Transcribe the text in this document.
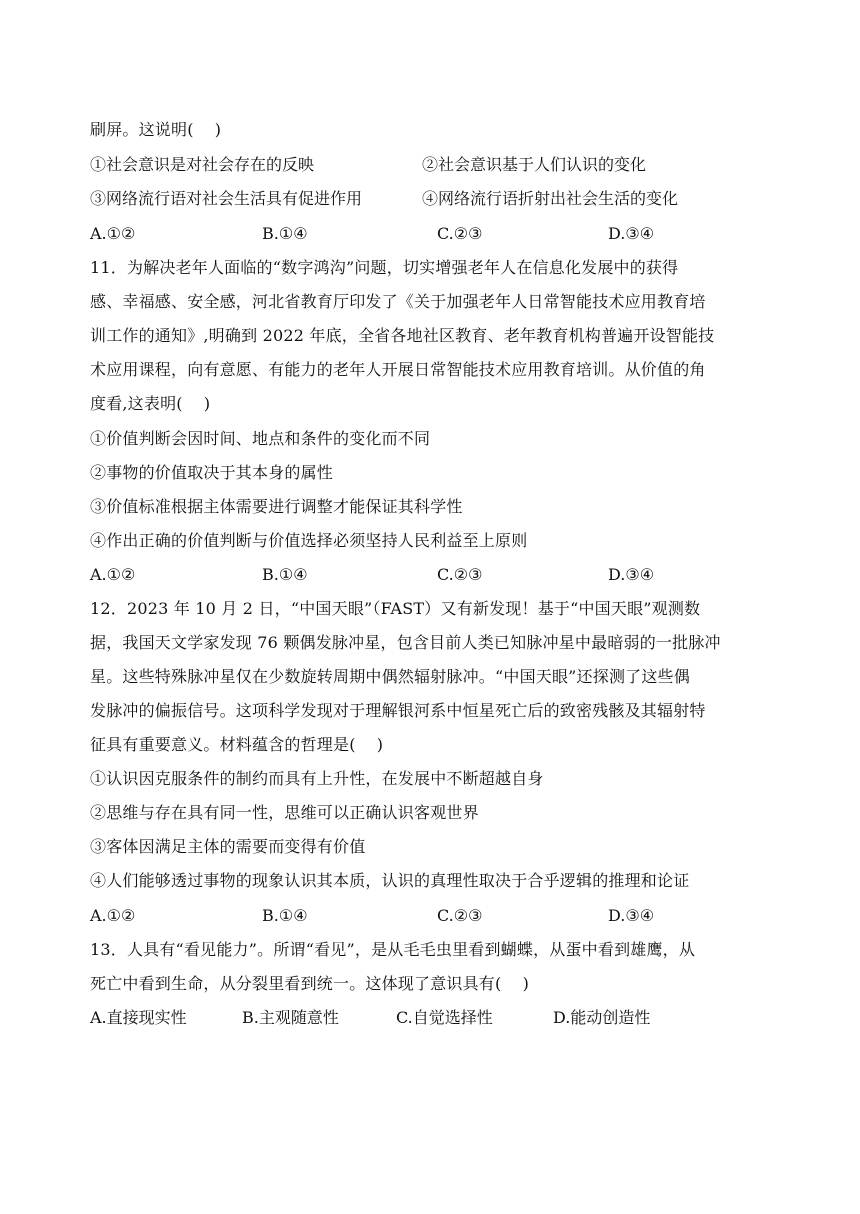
刷屏。这说明(    )
①社会意识是对社会存在的反映	②社会意识基于人们认识的变化
③网络流行语对社会生活具有促进作用	④网络流行语折射出社会生活的变化
A.①②	B.①④	C.②③	D.③④
11．为解决老年人面临的“数字鸿沟”问题，切实增强老年人在信息化发展中的获得
感、幸福感、安全感，河北省教育厅印发了《关于加强老年人日常智能技术应用教育培
训工作的通知》,明确到 2022 年底，全省各地社区教育、老年教育机构普遍开设智能技
术应用课程，向有意愿、有能力的老年人开展日常智能技术应用教育培训。从价值的角
度看,这表明(    )
①价值判断会因时间、地点和条件的变化而不同
②事物的价值取决于其本身的属性
③价值标准根据主体需要进行调整才能保证其科学性
④作出正确的价值判断与价值选择必须坚持人民利益至上原则
A.①②	B.①④	C.②③	D.③④
12．2023 年 10 月 2 日，“中国天眼”（FAST）又有新发现！基于“中国天眼”观测数
据，我国天文学家发现 76 颗偶发脉冲星，包含目前人类已知脉冲星中最暗弱的一批脉冲
星。这些特殊脉冲星仅在少数旋转周期中偶然辐射脉冲。“中国天眼”还探测了这些偶
发脉冲的偏振信号。这项科学发现对于理解银河系中恒星死亡后的致密残骸及其辐射特
征具有重要意义。材料蕴含的哲理是(    )
①认识因克服条件的制约而具有上升性，在发展中不断超越自身
②思维与存在具有同一性，思维可以正确认识客观世界
③客体因满足主体的需要而变得有价值
④人们能够透过事物的现象认识其本质，认识的真理性取决于合乎逻辑的推理和论证
A.①②	B.①④	C.②③	D.③④
13．人具有“看见能力”。所谓“看见”，是从毛毛虫里看到蝴蝶，从蛋中看到雄鹰，从
死亡中看到生命，从分裂里看到统一。这体现了意识具有(    )
A.直接现实性	B.主观随意性	C.自觉选择性	D.能动创造性
